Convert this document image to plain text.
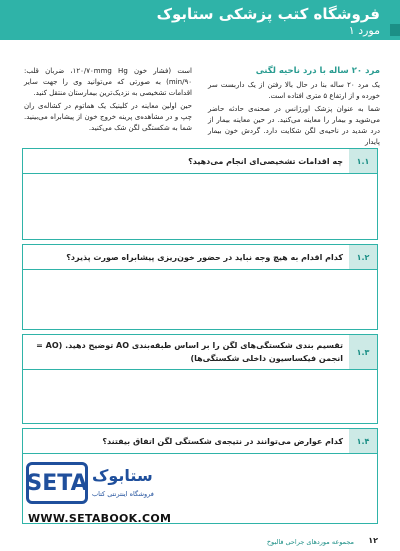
فروشگاه کتب پزشکی ستابوک
مورد ۱
مرد ۲۰ ساله با درد ناحیه لگنی

یک مرد ۲۰ ساله بنا در حال بالا رفتن از یک داربست سر خورده و از ارتفاع ۵ متری افتاده است.

شما به عنوان پزشک اورژانس در صحنه‌ی حادثه حاضر می‌شوید و بیمار را معاینه می‌کنید. در حین معاینه بیمار از درد شدید در ناحیه‌ی لگن شکایت دارد. گردش خون بیمار پایدار

است (فشار خون ۱۲۰/۷۰mmg Hg، ضربان قلب: ۹۰/min) به صورتی که می‌توانید وی را جهت سایر اقدامات تشخیصی به نزدیک‌ترین بیمارستان منتقل کنید.

حین اولین معاینه در کلینیک یک هماتوم در کشاله‌ی ران چپ و در مشاهده‌ی پرینه خروج خون از پیشابراه می‌بینید. شما به شکستگی لگن شک می‌کنید.

۱.۱
چه اقدامات تشخیصی‌ای انجام می‌دهید؟
۱.۲
کدام اقدام به هیچ وجه نباید در حضور خون‌ریزی پیشابراه صورت پذیرد؟
۱.۳
تقسیم بندی شکستگی‌های لگن را بر اساس طبقه‌بندی AO توضیح دهید. (AO = انجمن فیکساسیون داخلی شکستگی‌ها)
۱.۴
کدام عوارض می‌توانند در نتیجه‌ی شکستگی لگن اتفاق بیفتند؟
SETA ستابوک
فروشگاه اینترنتی کتاب
WWW.SETABOOK.COM
مجموعه موردهای جراحی فالبوخ ۱۲
